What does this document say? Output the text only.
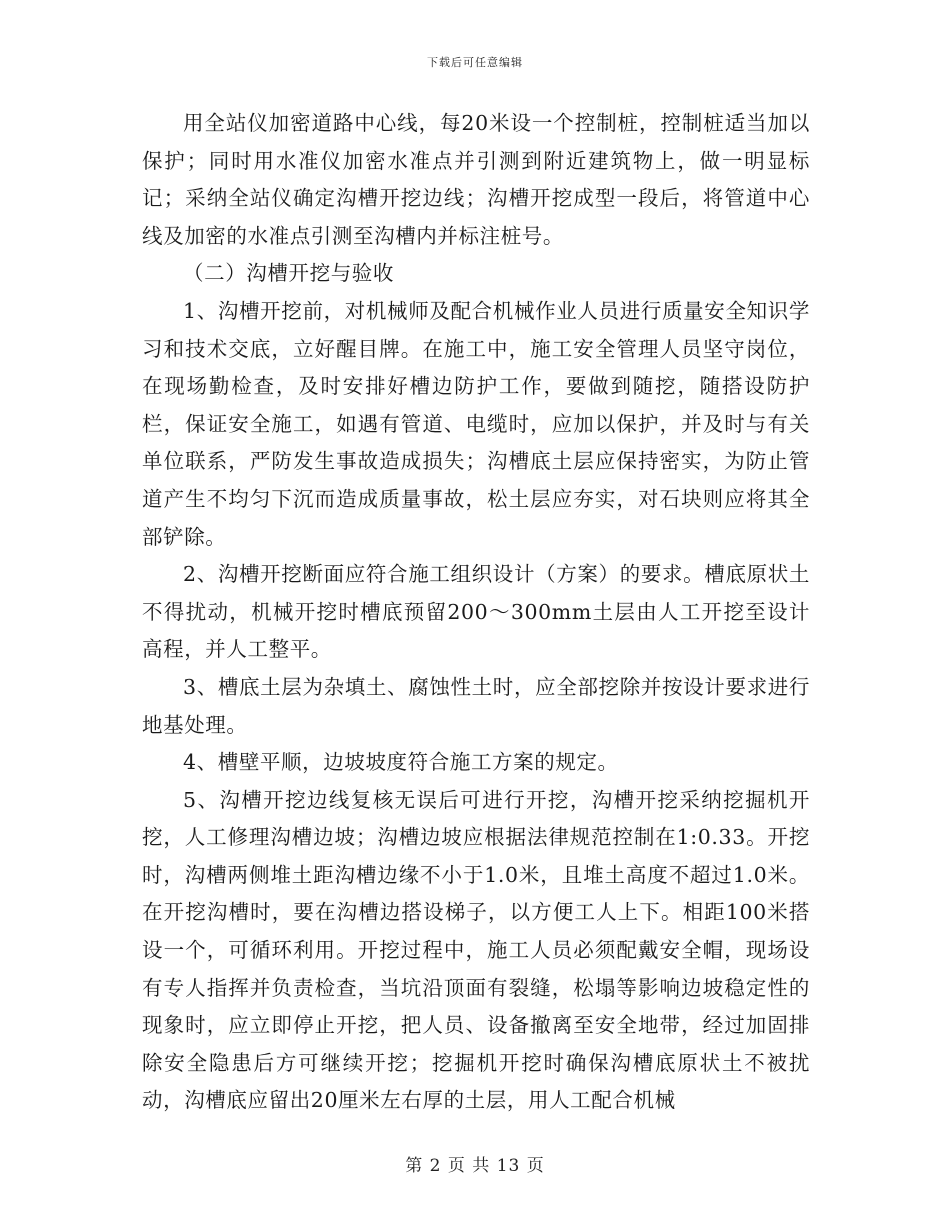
下载后可任意编辑

用全站仪加密道路中心线，每20米设一个控制桩，控制桩适当加以保护；同时用水准仪加密水准点并引测到附近建筑物上，做一明显标记；采纳全站仪确定沟槽开挖边线；沟槽开挖成型一段后，将管道中心线及加密的水准点引测至沟槽内并标注桩号。

（二）沟槽开挖与验收

1、沟槽开挖前，对机械师及配合机械作业人员进行质量安全知识学习和技术交底，立好醒目牌。在施工中，施工安全管理人员坚守岗位，在现场勤检查，及时安排好槽边防护工作，要做到随挖，随搭设防护栏，保证安全施工，如遇有管道、电缆时，应加以保护，并及时与有关单位联系，严防发生事故造成损失；沟槽底土层应保持密实，为防止管道产生不均匀下沉而造成质量事故，松土层应夯实，对石块则应将其全部铲除。

2、沟槽开挖断面应符合施工组织设计（方案）的要求。槽底原状土不得扰动，机械开挖时槽底预留200～300mm土层由人工开挖至设计高程，并人工整平。

3、槽底土层为杂填土、腐蚀性土时，应全部挖除并按设计要求进行地基处理。

4、槽壁平顺，边坡坡度符合施工方案的规定。

5、沟槽开挖边线复核无误后可进行开挖，沟槽开挖采纳挖掘机开挖，人工修理沟槽边坡；沟槽边坡应根据法律规范控制在1:0.33。开挖时，沟槽两侧堆土距沟槽边缘不小于1.0米，且堆土高度不超过1.0米。在开挖沟槽时，要在沟槽边搭设梯子，以方便工人上下。相距100米搭设一个，可循环利用。开挖过程中，施工人员必须配戴安全帽，现场设有专人指挥并负责检查，当坑沿顶面有裂缝，松塌等影响边坡稳定性的现象时，应立即停止开挖，把人员、设备撤离至安全地带，经过加固排除安全隐患后方可继续开挖；挖掘机开挖时确保沟槽底原状土不被扰动，沟槽底应留出20厘米左右厚的土层，用人工配合机械

第 2 页 共 13 页
